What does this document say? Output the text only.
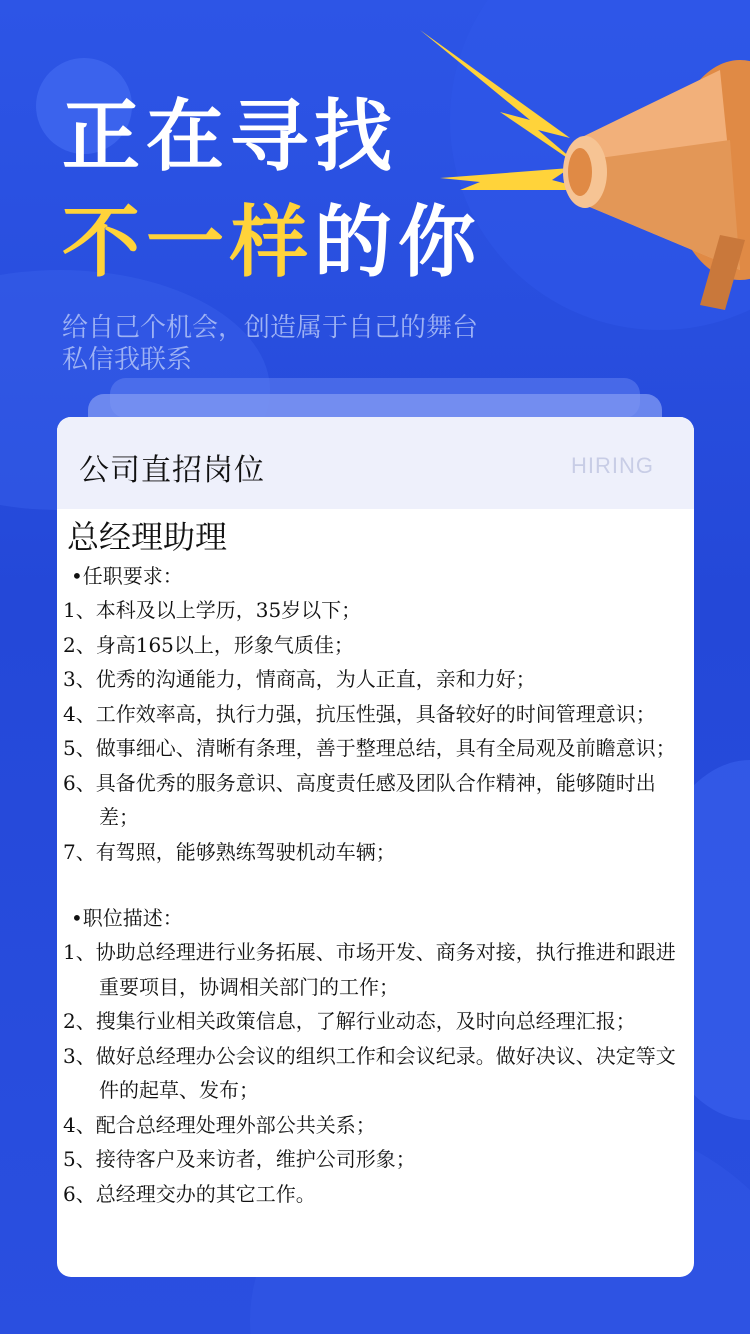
正在寻找
不一样的你
给自己个机会，创造属于自己的舞台
私信我联系
公司直招岗位	HIRING
总经理助理
•任职要求：
1、本科及以上学历，35岁以下；
2、身高165以上，形象气质佳；
3、优秀的沟通能力，情商高，为人正直，亲和力好；
4、工作效率高，执行力强，抗压性强，具备较好的时间管理意识；
5、做事细心、清晰有条理，善于整理总结，具有全局观及前瞻意识；
6、具备优秀的服务意识、高度责任感及团队合作精神，能够随时出差；
7、有驾照，能够熟练驾驶机动车辆；
•职位描述：
1、协助总经理进行业务拓展、市场开发、商务对接，执行推进和跟进重要项目，协调相关部门的工作；
2、搜集行业相关政策信息，了解行业动态，及时向总经理汇报；
3、做好总经理办公会议的组织工作和会议纪录。做好决议、决定等文件的起草、发布；
4、配合总经理处理外部公共关系；
5、接待客户及来访者，维护公司形象；
6、总经理交办的其它工作。
